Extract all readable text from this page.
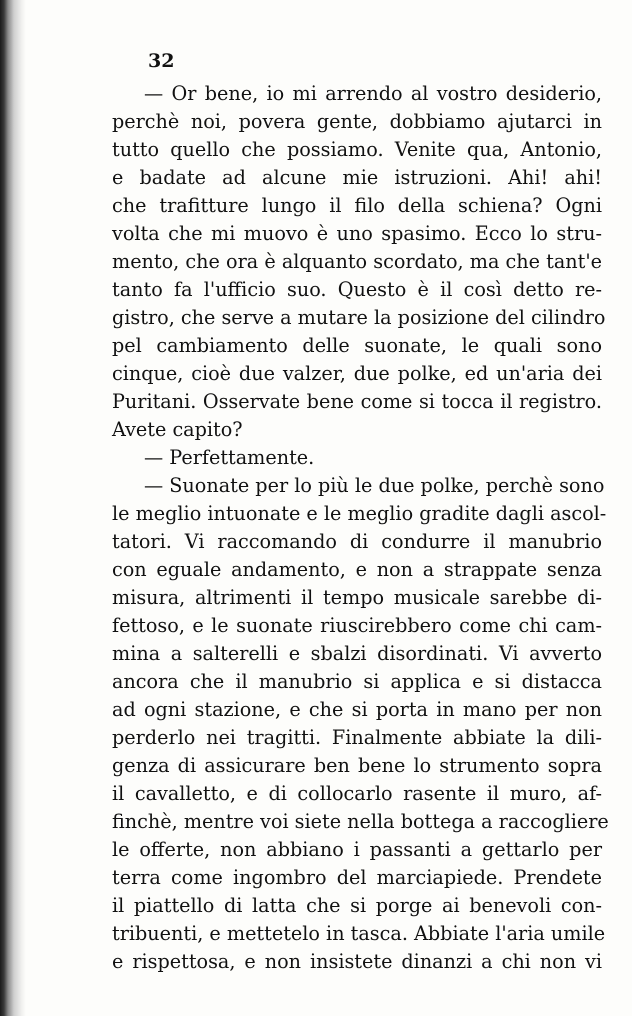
32
— Or bene, io mi arrendo al vostro desiderio,
perchè noi, povera gente, dobbiamo ajutarci in
tutto quello che possiamo. Venite qua, Antonio,
e badate ad alcune mie istruzioni. Ahi! ahi!
che trafitture lungo il filo della schiena? Ogni
volta che mi muovo è uno spasimo. Ecco lo stru-
mento, che ora è alquanto scordato, ma che tant'e
tanto fa l'ufficio suo. Questo è il così detto re-
gistro, che serve a mutare la posizione del cilindro
pel cambiamento delle suonate, le quali sono
cinque, cioè due valzer, due polke, ed un'aria dei
Puritani. Osservate bene come si tocca il registro.
Avete capito?
— Perfettamente.
— Suonate per lo più le due polke, perchè sono
le meglio intuonate e le meglio gradite dagli ascol-
tatori. Vi raccomando di condurre il manubrio
con eguale andamento, e non a strappate senza
misura, altrimenti il tempo musicale sarebbe di-
fettoso, e le suonate riuscirebbero come chi cam-
mina a salterelli e sbalzi disordinati. Vi avverto
ancora che il manubrio si applica e si distacca
ad ogni stazione, e che si porta in mano per non
perderlo nei tragitti. Finalmente abbiate la dili-
genza di assicurare ben bene lo strumento sopra
il cavalletto, e di collocarlo rasente il muro, af-
finchè, mentre voi siete nella bottega a raccogliere
le offerte, non abbiano i passanti a gettarlo per
terra come ingombro del marciapiede. Prendete
il piattello di latta che si porge ai benevoli con-
tribuenti, e mettetelo in tasca. Abbiate l'aria umile
e rispettosa, e non insistete dinanzi a chi non vi
